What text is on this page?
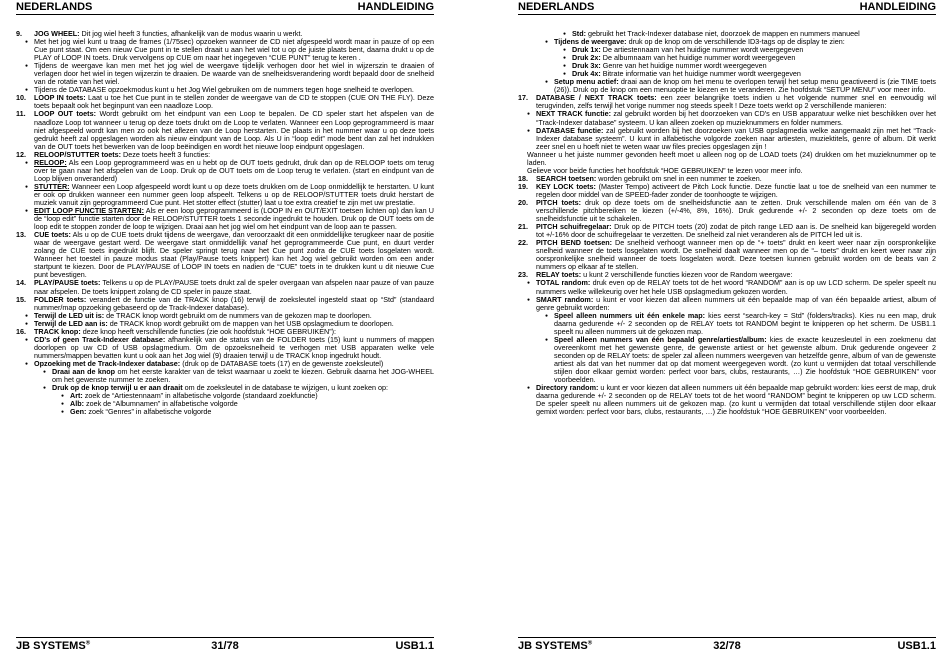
NEDERLANDS	HANDLEIDING
9. JOG WHEEL: Dit jog wiel heeft 3 functies, afhankelijk van de modus waarin u werkt.
● Met het jog wiel kunt u traag de frames (1/75sec) opzoeken wanneer de CD niet afgespeeld wordt maar in pauze of op een Cue punt staat. Om een nieuw Cue punt in te stellen draait u aan het wiel tot u op de juiste plaats bent, daarna drukt u op de PLAY of LOOP IN toets. Druk vervolgens op CUE om naar het ingegeven “CUE PUNT” terug te keren .
● Tijdens de weergave kan men met het jog wiel de weergave tijdelijk verhogen door het wiel in wijzerszin te draaien of verlagen door het wiel in tegen wijzerzin te draaien. De waarde van de snelheidsverandering wordt bepaald door de snelheid van de rotatie van het wiel.
● Tijdens de DATABASE opzoekmodus kunt u het Jog Wiel gebruiken om de nummers tegen hoge snelheid te overlopen.
10. LOOP IN toets: Laat u toe het Cue punt in te stellen zonder de weergave van de CD te stoppen (CUE ON THE FLY). Deze toets bepaalt ook het beginpunt van een naadloze Loop.
11. LOOP OUT toets: Wordt gebruikt om het eindpunt van een Loop te bepalen. De CD speler start het afspelen van de naadloze Loop tot wanneer u terug op deze toets drukt om de Loop te verlaten. Wanneer een Loop geprogrammeerd is maar niet afgespeeld wordt kan men zo ook het aflezen van de Loop herstarten. De plaats in het nummer waar u op deze toets gedrukt heeft zal opgeslagen worden als nieuw eindpunt van de Loop. Als U in “loop edit” mode bent dan zal het indrukken van de OUT toets het bewerken van de loop beëindigen en wordt het nieuwe loop eindpunt opgeslagen.
12. RELOOP/STUTTER toets: Deze toets heeft 3 functies:
● RELOOP: Als een Loop geprogrammeerd was en u hebt op de OUT toets gedrukt, druk dan op de RELOOP toets om terug over te gaan naar het afspelen van de Loop. Druk op de OUT toets om de Loop terug te verlaten. (start en eindpunt van de Loop blijven onveranderd)
● STUTTER: Wanneer een Loop afgespeeld wordt kunt u op deze toets drukken om de Loop onmiddellijk te herstarten. U kunt er ook op drukken wanneer een nummer geen loop afspeelt. Telkens u op de RELOOP/STUTTER toets drukt herstart de muziek vanuit zijn geprogrammeerd Cue punt. Het stotter effect (stutter) laat u toe extra creatief te zijn met uw prestatie.
● EDIT LOOP FUNCTIE STARTEN: Als er een loop geprogrammeerd is (LOOP IN en OUT/EXIT toetsen lichten op) dan kan U de “loop edit” functie starten door de RELOOP/STUTTER toets 1 seconde ingedrukt te houden. Druk op de OUT toets om de loop edit te stoppen zonder de loop te wijzigen. Draai aan het jog wiel om het eindpunt van de loop aan te passen.
13. CUE toets: Als u op de CUE toets drukt tijdens de weergave, dan veroorzaakt dit een onmiddellijke terugkeer naar de positie waar de weergave gestart werd. De weergave start onmiddellijk vanaf het geprogrammeerde Cue punt, en duurt verder zolang de CUE toets ingedrukt blijft. De speler springt terug naar het Cue punt zodra de CUE toets losgelaten wordt. Wanneer het toestel in pauze modus staat (Play/Pause toets knippert) kan het Jog wiel gebruikt worden om een ander startpunt te kiezen. Door de PLAY/PAUSE of LOOP IN toets en nadien de “CUE” toets in te drukken kunt u dit nieuwe Cue punt bevestigen.
14. PLAY/PAUSE toets: Telkens u op de PLAY/PAUSE toets drukt zal de speler overgaan van afspelen naar pauze of van pauze naar afspelen. De toets knippert zolang de CD speler in pauze staat.
15. FOLDER toets: verandert de functie van de TRACK knop (16) terwijl de zoeksleutel ingesteld staat op “Std” (standaard nummer/map opzoeking gebaseerd op de Track-Indexer database).
● Terwijl de LED uit is: de TRACK knop wordt gebruikt om de nummers van de gekozen map te doorlopen.
● Terwijl de LED aan is: de TRACK knop wordt gebruikt om de mappen van het USB opslagmedium te doorlopen.
16. TRACK knop: deze knop heeft verschillende functies (zie ook hoofdstuk “HOE GEBRUIKEN”):
● CD's of geen Track-Indexer database: afhankelijk van de status van de FOLDER toets (15) kunt u nummers of mappen doorlopen op uw CD of USB opslagmedium. Om de opzoeksnelheid te verhogen met USB apparaten welke vele nummers/mappen bevatten kunt u ook aan het Jog wiel (9) draaien terwijl u de TRACK knop ingedrukt houdt.
● Opzoeking met de Track-Indexer database: (druk op de DATABASE toets (17) en de gewenste zoeksleutel)
● Draai aan de knop om het eerste karakter van de tekst waarnaar u zoekt te kiezen. Gebruik daarna het JOG-WHEEL om het gewenste nummer te zoeken.
● Druk op de knop terwijl u er aan draait om de zoeksleutel in de database te wijzigen, u kunt zoeken op:
● Art: zoek de “Artiestennaam” in alfabetische volgorde (standaard zoekfunctie)
● Alb: zoek de “Albumnamen” in alfabetische volgorde
● Gen: zoek “Genres” in alfabetische volgorde
JB SYSTEMS®	31/78	USB1.1
NEDERLANDS	HANDLEIDING
● Std: gebruikt het Track-Indexer database niet, doorzoek de mappen en nummers manueel
● Tijdens de weergave: druk op de knop om de verschillende ID3-tags op de display te zien:
● Druk 1x: De artiestennaam van het huidige nummer wordt weergegeven
● Druk 2x: De albumnaam van het huidige nummer wordt weergegeven
● Druk 3x: Genre van het huidige nummer wordt weergegeven
● Druk 4x: Bitrate informatie van het huidige nummer wordt weergegeven
● Setup menu actief: draai aan de knop om het menu te overlopen terwijl het setup menu geactiveerd is (zie TIME toets (26)). Druk op de knop om een menuoptie te kiezen en te veranderen. Zie hoofdstuk “SETUP MENU” voor meer info.
17. DATABASE / NEXT TRACK toets: een zeer belangrijke toets indien u het volgende nummer snel en eenvoudig wil terugvinden, zelfs terwijl het vorige nummer nog steeds speelt ! Deze toets werkt op 2 verschillende manieren:
● NEXT TRACK functie: zal gebruikt worden bij het doorzoeken van CD's en USB apparatuur welke niet beschikken over het “Track-Indexer database” systeem. U kan alleen zoeken op muzieknummers en folder nummers.
● DATABASE functie: zal gebruikt worden bij het doorzoeken van USB opslagmedia welke aangemaakt zijn met het “Track-Indexer database systeem”. U kunt in alfabetische volgorde zoeken naar artiesten, muziektitels, genre of album. Dit werkt zeer snel en u hoeft niet te weten waar uw files precies opgeslagen zijn !
Wanneer u het juiste nummer gevonden heeft moet u alleen nog op de LOAD toets (24) drukken om het muzieknummer op te laden.
Gelieve voor beide functies het hoofdstuk “HOE GEBRUIKEN” te lezen voor meer info.
18. SEARCH toetsen: worden gebruikt om snel in een nummer te zoeken.
19. KEY LOCK toets: (Master Tempo) activeert de Pitch Lock functie. Deze functie laat u toe de snelheid van een nummer te regelen door middel van de SPEED-fader zonder de toonhoogte te wijzigen.
20. PITCH toets: druk op deze toets om de snelheidsfunctie aan te zetten. Druk verschillende malen om één van de 3 verschillende pitchbereiken te kiezen (+/-4%, 8%, 16%). Druk gedurende +/- 2 seconden op deze toets om de snelheidsfunctie uit te schakelen.
21. PITCH schuifregelaar: Druk op de PITCH toets (20) zodat de pitch range LED aan is. De snelheid kan bijgeregeld worden tot +/-16% door de schuifregelaar te verzetten. De snelheid zal niet veranderen als de PITCH led uit is.
22. PITCH BEND toetsen: De snelheid verhoogt wanneer men op de “+ toets” drukt en keert weer naar zijn oorspronkelijke snelheid wanneer de toets losgelaten wordt. De snelheid daalt wanneer men op de “– toets” drukt en keert weer naar zijn oorspronkelijke snelheid wanneer de toets losgelaten wordt. Deze toetsen kunnen gebruikt worden om de beats van 2 nummers op elkaar af te stellen.
23. RELAY toets: u kunt 2 verschillende functies kiezen voor de Random weergave:
● TOTAL random: druk even op de RELAY toets tot de het woord “RANDOM” aan is op uw LCD scherm. De speler speelt nu nummers welke willekeurig over het hele USB opslagmedium gekozen worden.
● SMART random: u kunt er voor kiezen dat alleen nummers uit één bepaalde map of van één bepaalde artiest, album of genre gebruikt worden:
● Speel alleen nummers uit één enkele map: kies eerst “search-key = Std” (folders/tracks). Kies nu een map, druk daarna gedurende +/- 2 seconden op de RELAY toets tot RANDOM begint te knipperen op het scherm. De USB1.1 speelt nu alleen nummers uit de gekozen map.
● Speel alleen nummers van één bepaald genre/artiest/album: kies de exacte keuzesleutel in een zoekmenu dat overeenkomt met het gewenste genre, de gewenste artiest or het gewenste album. Druk gedurende ongeveer 2 seconden op de RELAY toets: de speler zal alleen nummers weergeven van hetzelfde genre, album of van de gewenste artiest als dat van het nummer dat op dat moment weergegeven wordt. (zo kunt u vermijden dat totaal verschillende stijlen door elkaar gemixt worden: perfect voor bars, clubs, restaurants, …) Zie hoofdstuk “HOE GEBRUIKEN” voor voorbeelden.
● Directory random: u kunt er voor kiezen dat alleen nummers uit één bepaalde map gebruikt worden: kies eerst de map, druk daarna gedurende +/- 2 seconden op de RELAY toets tot de het woord “RANDOM” begint te knipperen op uw LCD scherm. De speler speelt nu alleen nummers uit de gekozen map. (zo kunt u vermijden dat totaal verschillende stijlen door elkaar gemixt worden: perfect voor bars, clubs, restaurants, …) Zie hoofdstuk “HOE GEBRUIKEN” voor voorbeelden.
JB SYSTEMS®	32/78	USB1.1
